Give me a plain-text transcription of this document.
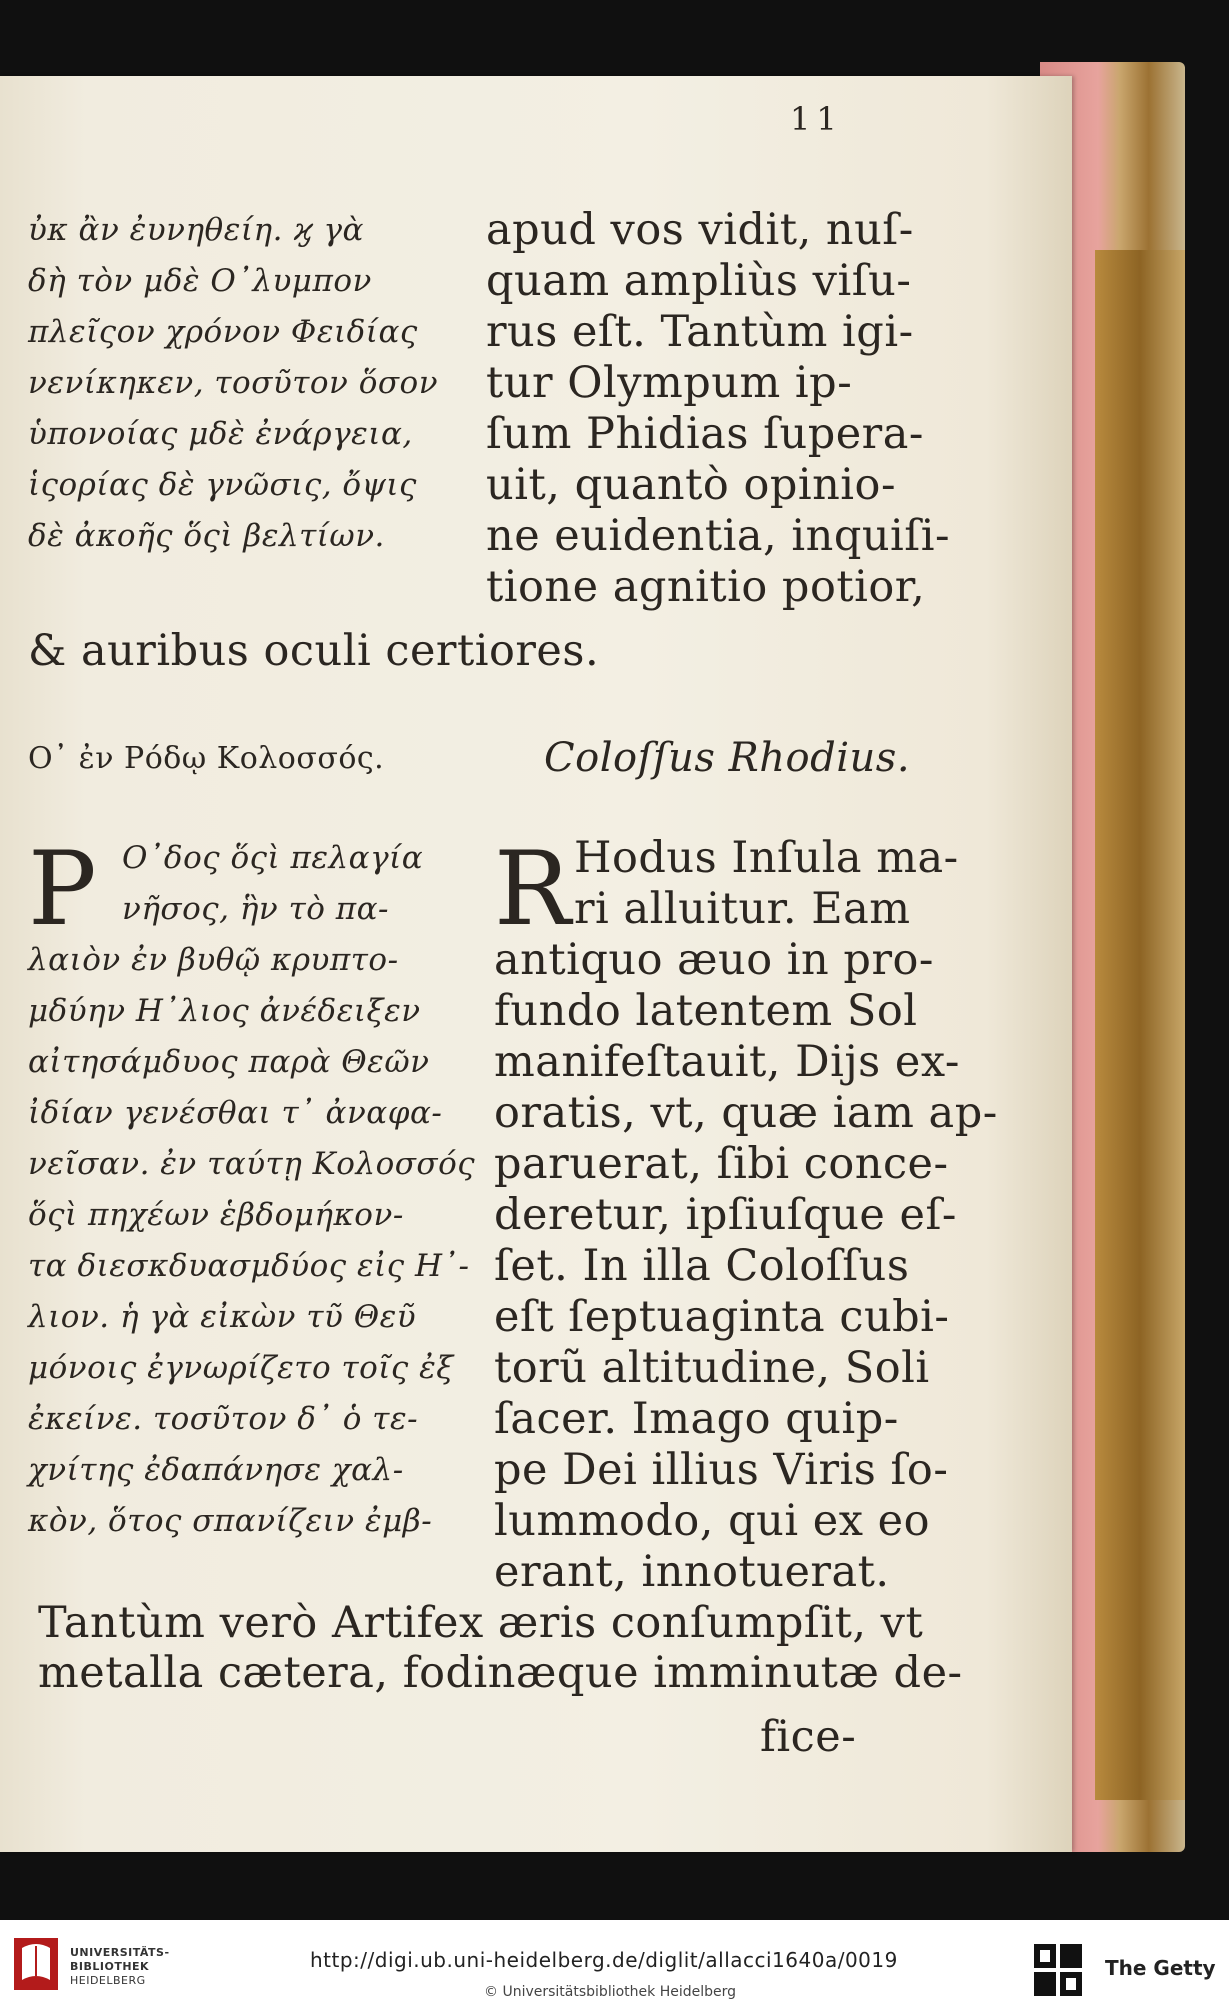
11
ὐκ ἂν ἐυνηθείη. ϗ γὰ
δὴ τὸν μδὲ Ο᾽λυμπον
πλεῖςον χρόνον Φειδίας
νενίκηκεν, τοσῦτον ὅσον
ὑπονοίας μδὲ ἐνάργεια,
ἱςορίας δὲ γνῶσις, ὄψις
δὲ ἀκοῆς ὅςὶ βελτίων.
apud vos vidit, nuſ-
quam ampliùs viſu-
rus eſt. Tantùm igi-
tur Olympum ip-
ſum Phidias ſupera-
uit, quantò opinio-
ne euidentia, inquiſi-
tione agnitio potior,
& auribus oculi certiores.
Ο᾽ ἐν Ρόδῳ Κολοσσός.	Coloſſus Rhodius.
Ρ Ο᾽δος ὅςὶ πελαγία
νῆσος, ἣν τὸ πα-
λαιὸν ἐν βυθῷ κρυπτο-
μδύην Η᾽λιος ἀνέδειξεν
αἰτησάμδυος παρὰ Θεῶν
ἰδίαν γενέσθαι τ᾽ ἀναφα-
νεῖσαν. ἐν ταύτῃ Κολοσσός
ὅςὶ πηχέων ἑβδομήκον-
τα διεσκδυασμδύος εἰς Η᾽-
λιον. ἡ γὰ εἰκὼν τῦ Θεῦ
μόνοις ἐγνωρίζετο τοῖς ἐξ
ἐκείνε. τοσῦτον δ᾽ ὁ τε-
χνίτης ἐδαπάνησε χαλ-
κὸν, ὅτος σπανίζειν ἐμβ-
R Hodus Inſula ma-
ri alluitur. Eam
antiquo æuo in pro-
fundo latentem Sol
manifeſtauit, Dijs ex-
oratis, vt, quæ iam ap-
paruerat, ſibi conce-
deretur, ipſiuſque eſ-
ſet. In illa Coloſſus
eſt ſeptuaginta cubi-
torũ altitudine, Soli
ſacer. Imago quip-
pe Dei illius Viris ſo-
lummodo, qui ex eo
erant, innotuerat.
Tantùm verò Artifex æris conſumpſit, vt
metalla cætera, fodinæque imminutæ de-
fice-
UNIVERSITÄTS-
BIBLIOTHEK
HEIDELBERG
http://digi.ub.uni-heidelberg.de/diglit/allacci1640a/0019
© Universitätsbibliothek Heidelberg
The Getty
